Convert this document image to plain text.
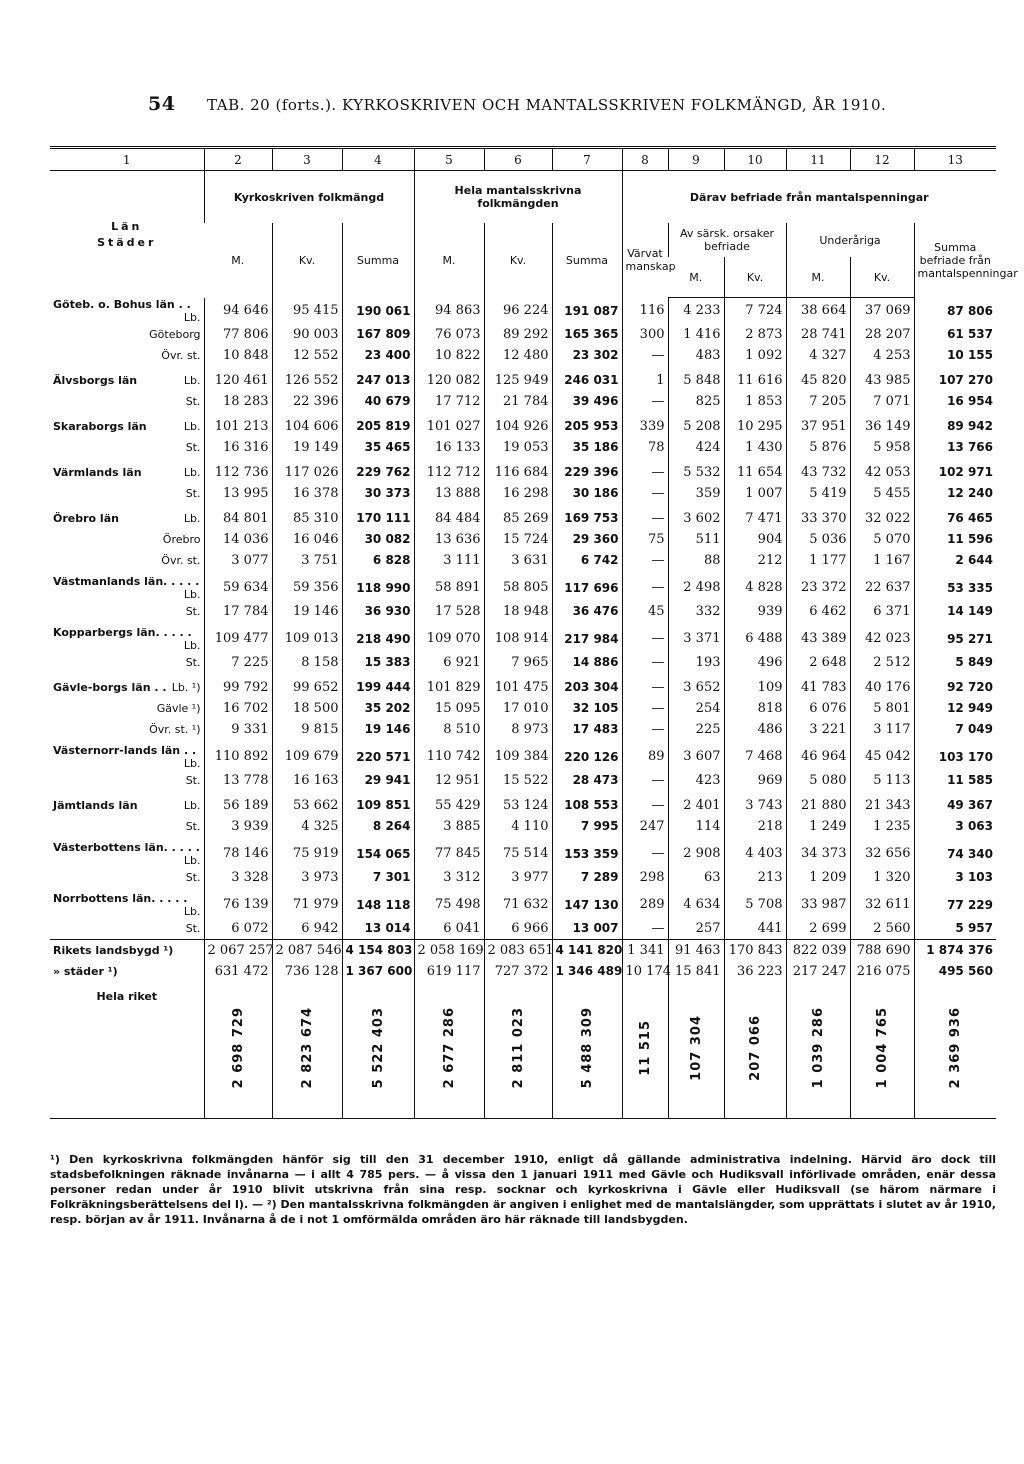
54 TAB. 20 (forts.). KYRKOSKRIVEN OCH MANTALSSKRIVEN FOLKMÄNGD, ÅR 1910.
1	2	3	4	5	6	7	8	9	10	11	12	13

Län
Städer	Kyrkoskriven folkmängd			Hela mantalsskrivna folkmängden			Därav befriade från mantalspenningar					
	M.	Kv.	Summa	M.	Kv.	Summa	Värvat manskap	Av särsk. orsaker befriade		Underåriga		Summa befriade från mantalspenningar
								M.	Kv.	M.	Kv.	
Göteb. o. Bohus län . .
Lb.	94 646	95 415	190 061	94 863	96 224	191 087	116	4 233	7 724	38 664	37 069	87 806

Göteborg	77 806	90 003	167 809	76 073	89 292	165 365	300	1 416	2 873	28 741	28 207	61 537

Övr. st.	10 848	12 552	23 400	10 822	12 480	23 302	—	483	1 092	4 327	4 253	10 155

Älvsborgs län Lb.	120 461	126 552	247 013	120 082	125 949	246 031	1	5 848	11 616	45 820	43 985	107 270

St.	18 283	22 396	40 679	17 712	21 784	39 496	—	825	1 853	7 205	7 071	16 954

Skaraborgs län Lb.	101 213	104 606	205 819	101 027	104 926	205 953	339	5 208	10 295	37 951	36 149	89 942

St.	16 316	19 149	35 465	16 133	19 053	35 186	78	424	1 430	5 876	5 958	13 766

Värmlands län Lb.	112 736	117 026	229 762	112 712	116 684	229 396	—	5 532	11 654	43 732	42 053	102 971

St.	13 995	16 378	30 373	13 888	16 298	30 186	—	359	1 007	5 419	5 455	12 240

Örebro län Lb.	84 801	85 310	170 111	84 484	85 269	169 753	—	3 602	7 471	33 370	32 022	76 465

Örebro	14 036	16 046	30 082	13 636	15 724	29 360	75	511	904	5 036	5 070	11 596

Övr. st.	3 077	3 751	6 828	3 111	3 631	6 742	—	88	212	1 177	1 167	2 644

Västmanlands län. . . . .
Lb.	59 634	59 356	118 990	58 891	58 805	117 696	—	2 498	4 828	23 372	22 637	53 335

St.	17 784	19 146	36 930	17 528	18 948	36 476	45	332	939	6 462	6 371	14 149

Kopparbergs län. . . . .
Lb.	109 477	109 013	218 490	109 070	108 914	217 984	—	3 371	6 488	43 389	42 023	95 271

St.	7 225	8 158	15 383	6 921	7 965	14 886	—	193	496	2 648	2 512	5 849

Gävle-borgs län . . Lb. ¹)	99 792	99 652	199 444	101 829	101 475	203 304	—	3 652	109	41 783	40 176	92 720

Gävle ¹)	16 702	18 500	35 202	15 095	17 010	32 105	—	254	818	6 076	5 801	12 949

Övr. st. ¹)	9 331	9 815	19 146	8 510	8 973	17 483	—	225	486	3 221	3 117	7 049

Västernorr-lands län . .
Lb.	110 892	109 679	220 571	110 742	109 384	220 126	89	3 607	7 468	46 964	45 042	103 170

St.	13 778	16 163	29 941	12 951	15 522	28 473	—	423	969	5 080	5 113	11 585

Jämtlands län Lb.	56 189	53 662	109 851	55 429	53 124	108 553	—	2 401	3 743	21 880	21 343	49 367

St.	3 939	4 325	8 264	3 885	4 110	7 995	247	114	218	1 249	1 235	3 063

Västerbottens län. . . . .
Lb.	78 146	75 919	154 065	77 845	75 514	153 359	—	2 908	4 403	34 373	32 656	74 340

St.	3 328	3 973	7 301	3 312	3 977	7 289	298	63	213	1 209	1 320	3 103

Norrbottens län. . . . .
Lb.	76 139	71 979	148 118	75 498	71 632	147 130	289	4 634	5 708	33 987	32 611	77 229

St.	6 072	6 942	13 014	6 041	6 966	13 007	—	257	441	2 699	2 560	5 957
Rikets landsbygd ¹)	2 067 257	2 087 546	4 154 803	2 058 169	2 083 651	4 141 820	1 341	91 463	170 843	822 039	788 690	1 874 376
» städer ¹)	631 472	736 128	1 367 600	619 117	727 372	1 346 489	10 174	15 841	36 223	217 247	216 075	495 560
Hela riket	2 698 729	2 823 674	5 522 403	2 677 286	2 811 023	5 488 309	11 515	107 304	207 066	1 039 286	1 004 765	2 369 936

¹) Den kyrkoskrivna folkmängden hänför sig till den 31 december 1910, enligt då gällande administrativa indelning. Härvid äro dock till stadsbefolkningen räknade invånarna — i allt 4 785 pers. — å vissa den 1 januari 1911 med Gävle och Hudiksvall införlivade områden, enär dessa personer redan under år 1910 blivit utskrivna från sina resp. socknar och kyrkoskrivna i Gävle eller Hudiksvall (se härom närmare i Folkräkningsberättelsens del I). — ²) Den mantalsskrivna folkmängden är angiven i enlighet med de mantalslängder, som upprättats i slutet av år 1910, resp. början av år 1911. Invånarna å de i not 1 omförmälda områden äro här räknade till landsbygden.
